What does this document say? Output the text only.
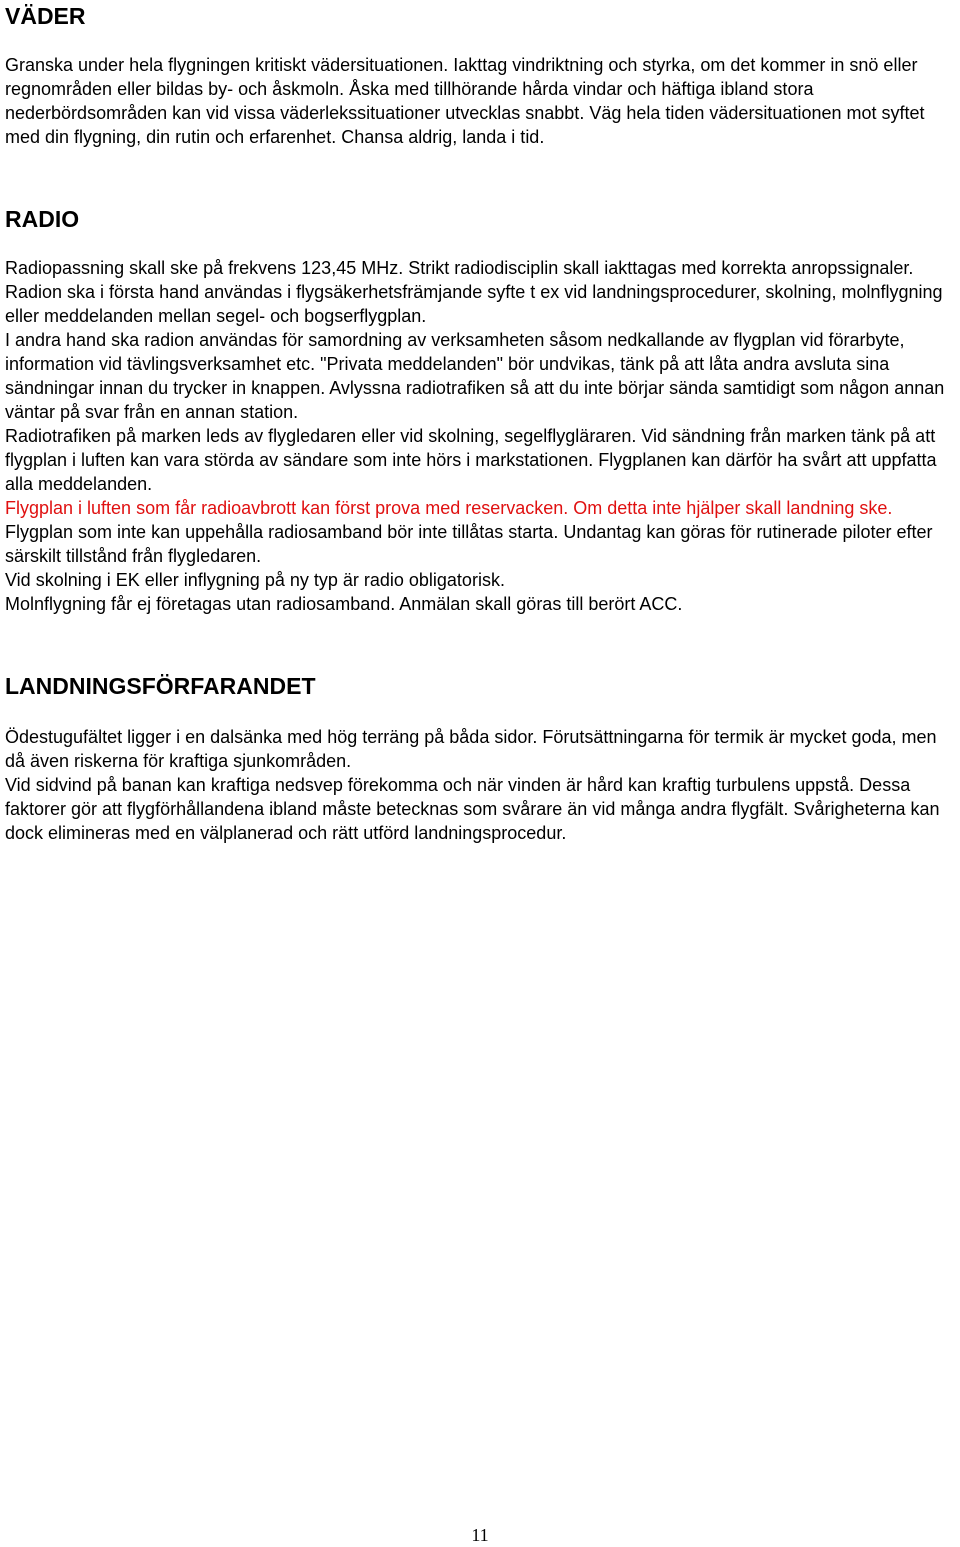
VÄDER

Granska under hela flygningen kritiskt vädersituationen. Iakttag vindriktning och styrka, om det kommer in snö eller regnområden eller bildas by- och åskmoln. Åska med tillhörande hårda vindar och häftiga ibland stora nederbördsområden kan vid vissa väderlekssituationer utvecklas snabbt. Väg hela tiden vädersituationen mot syftet med din flygning, din rutin och erfarenhet. Chansa aldrig, landa i tid.

RADIO

Radiopassning skall ske på frekvens 123,45 MHz. Strikt radiodisciplin skall iakttagas med korrekta anropssignaler. Radion ska i första hand användas i flygsäkerhetsfrämjande syfte t ex vid landningsprocedurer, skolning, molnflygning eller meddelanden mellan segel- och bogserflygplan.

I andra hand ska radion användas för samordning av verksamheten såsom nedkallande av flygplan vid förarbyte, information vid tävlingsverksamhet etc. "Privata meddelanden" bör undvikas, tänk på att låta andra avsluta sina sändningar innan du trycker in knappen. Avlyssna radiotrafiken så att du inte börjar sända samtidigt som någon annan väntar på svar från en annan station.

Radiotrafiken på marken leds av flygledaren eller vid skolning, segelflygläraren. Vid sändning från marken tänk på att flygplan i luften kan vara störda av sändare som inte hörs i markstationen. Flygplanen kan därför ha svårt att uppfatta alla meddelanden.

Flygplan i luften som får radioavbrott kan först prova med reservacken. Om detta inte hjälper skall landning ske.

Flygplan som inte kan uppehålla radiosamband bör inte tillåtas starta. Undantag kan göras för rutinerade piloter efter särskilt tillstånd från flygledaren.

Vid skolning i EK eller inflygning på ny typ är radio obligatorisk.

Molnflygning får ej företagas utan radiosamband. Anmälan skall göras till berört ACC.

LANDNINGSFÖRFARANDET

Ödestugufältet ligger i en dalsänka med hög terräng på båda sidor. Förutsättningarna för termik är mycket goda, men då även riskerna för kraftiga sjunkområden.

Vid sidvind på banan kan kraftiga nedsvep förekomma och när vinden är hård kan kraftig turbulens uppstå. Dessa faktorer gör att flygförhållandena ibland måste betecknas som svårare än vid många andra flygfält. Svårigheterna kan dock elimineras med en välplanerad och rätt utförd landningsprocedur.

11
